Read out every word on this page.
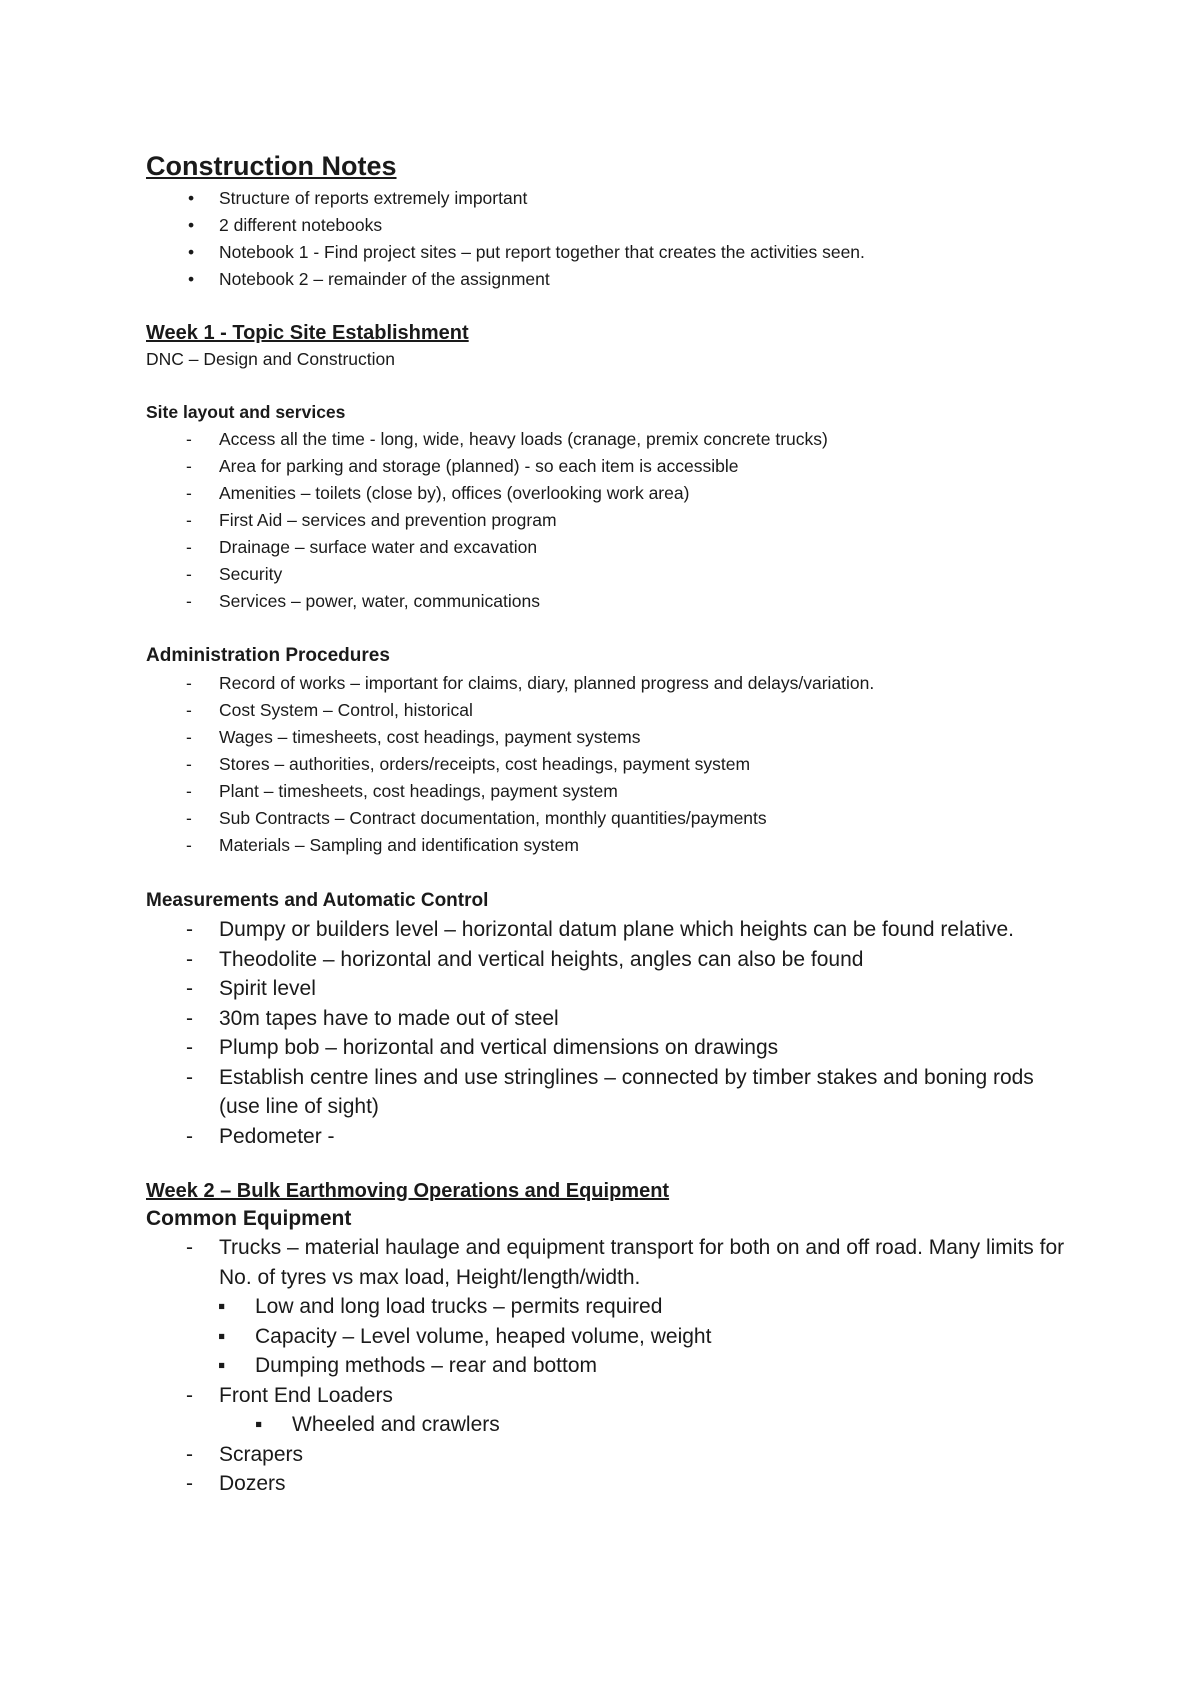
Construction Notes
• Structure of reports extremely important
• 2 different notebooks
• Notebook 1 - Find project sites – put report together that creates the activities seen.
• Notebook 2 – remainder of the assignment
Week 1 - Topic Site Establishment

DNC – Design and Construction

Site layout and services

- Access all the time - long, wide, heavy loads (cranage, premix concrete trucks)
- Area for parking and storage (planned) - so each item is accessible
- Amenities – toilets (close by), offices (overlooking work area)
- First Aid – services and prevention program
- Drainage – surface water and excavation
- Security
- Services – power, water, communications

Administration Procedures

- Record of works – important for claims, diary, planned progress and delays/variation.
- Cost System – Control, historical
- Wages – timesheets, cost headings, payment systems
- Stores – authorities, orders/receipts, cost headings, payment system
- Plant – timesheets, cost headings, payment system
- Sub Contracts – Contract documentation, monthly quantities/payments
- Materials – Sampling and identification system

Measurements and Automatic Control

- Dumpy or builders level – horizontal datum plane which heights can be found relative.
- Theodolite – horizontal and vertical heights, angles can also be found
- Spirit level
- 30m tapes have to made out of steel
- Plump bob – horizontal and vertical dimensions on drawings
- Establish centre lines and use stringlines – connected by timber stakes and boning rods (use line of sight)
- Pedometer -
Week 2 – Bulk Earthmoving Operations and Equipment

Common Equipment

- Trucks – material haulage and equipment transport for both on and off road. Many limits for No. of tyres vs max load, Height/length/width.
▪ Low and long load trucks – permits required
▪ Capacity – Level volume, heaped volume, weight
▪ Dumping methods – rear and bottom
- Front End Loaders
▪ Wheeled and crawlers
- Scrapers
- Dozers
